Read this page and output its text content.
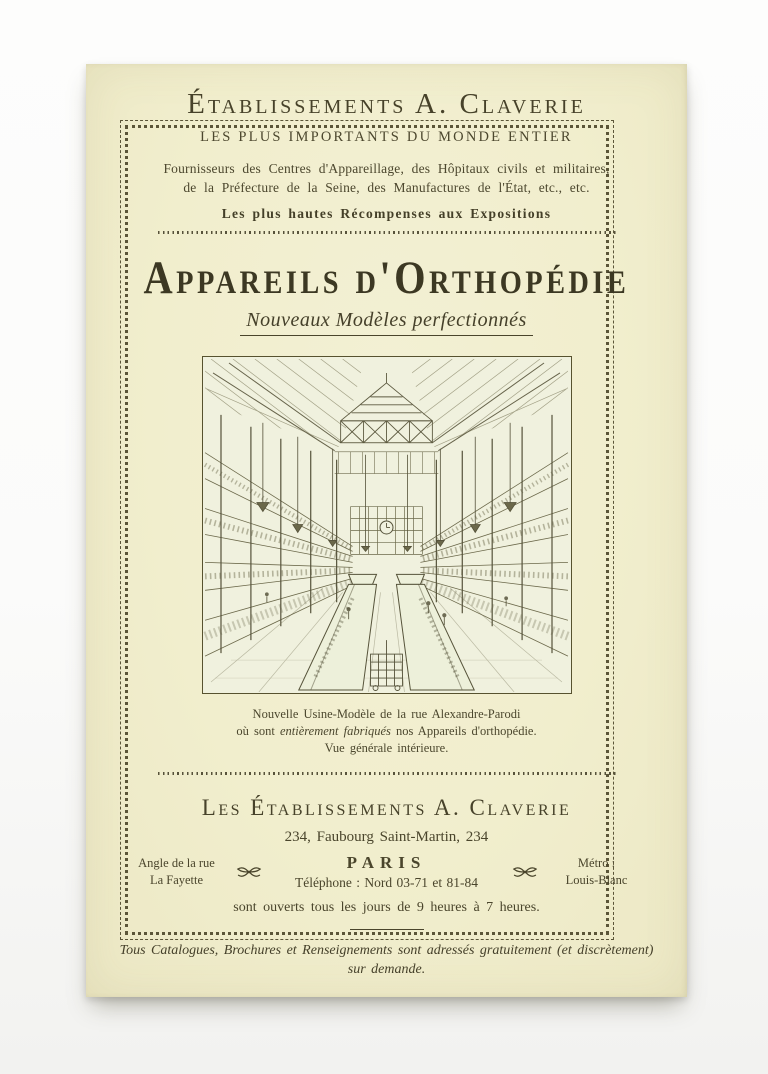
Établissements A. Claverie
LES PLUS IMPORTANTS DU MONDE ENTIER
Fournisseurs des Centres d'Appareillage, des Hôpitaux civils et militaires,
de la Préfecture de la Seine, des Manufactures de l'État, etc., etc.
Les plus hautes Récompenses aux Expositions
Appareils d'Orthopédie
Nouveaux Modèles perfectionnés
Nouvelle Usine-Modèle de la rue Alexandre-Parodi
où sont entièrement fabriqués nos Appareils d'orthopédie.
Vue générale intérieure.
Les Établissements A. Claverie
234, Faubourg Saint-Martin, 234
Angle de la rue
La Fayette
PARIS
Téléphone : Nord 03-71 et 81-84
Métro :
Louis-Blanc
sont ouverts tous les jours de 9 heures à 7 heures.
Tous Catalogues, Brochures et Renseignements sont adressés gratuitement (et discrètement)
sur demande.
